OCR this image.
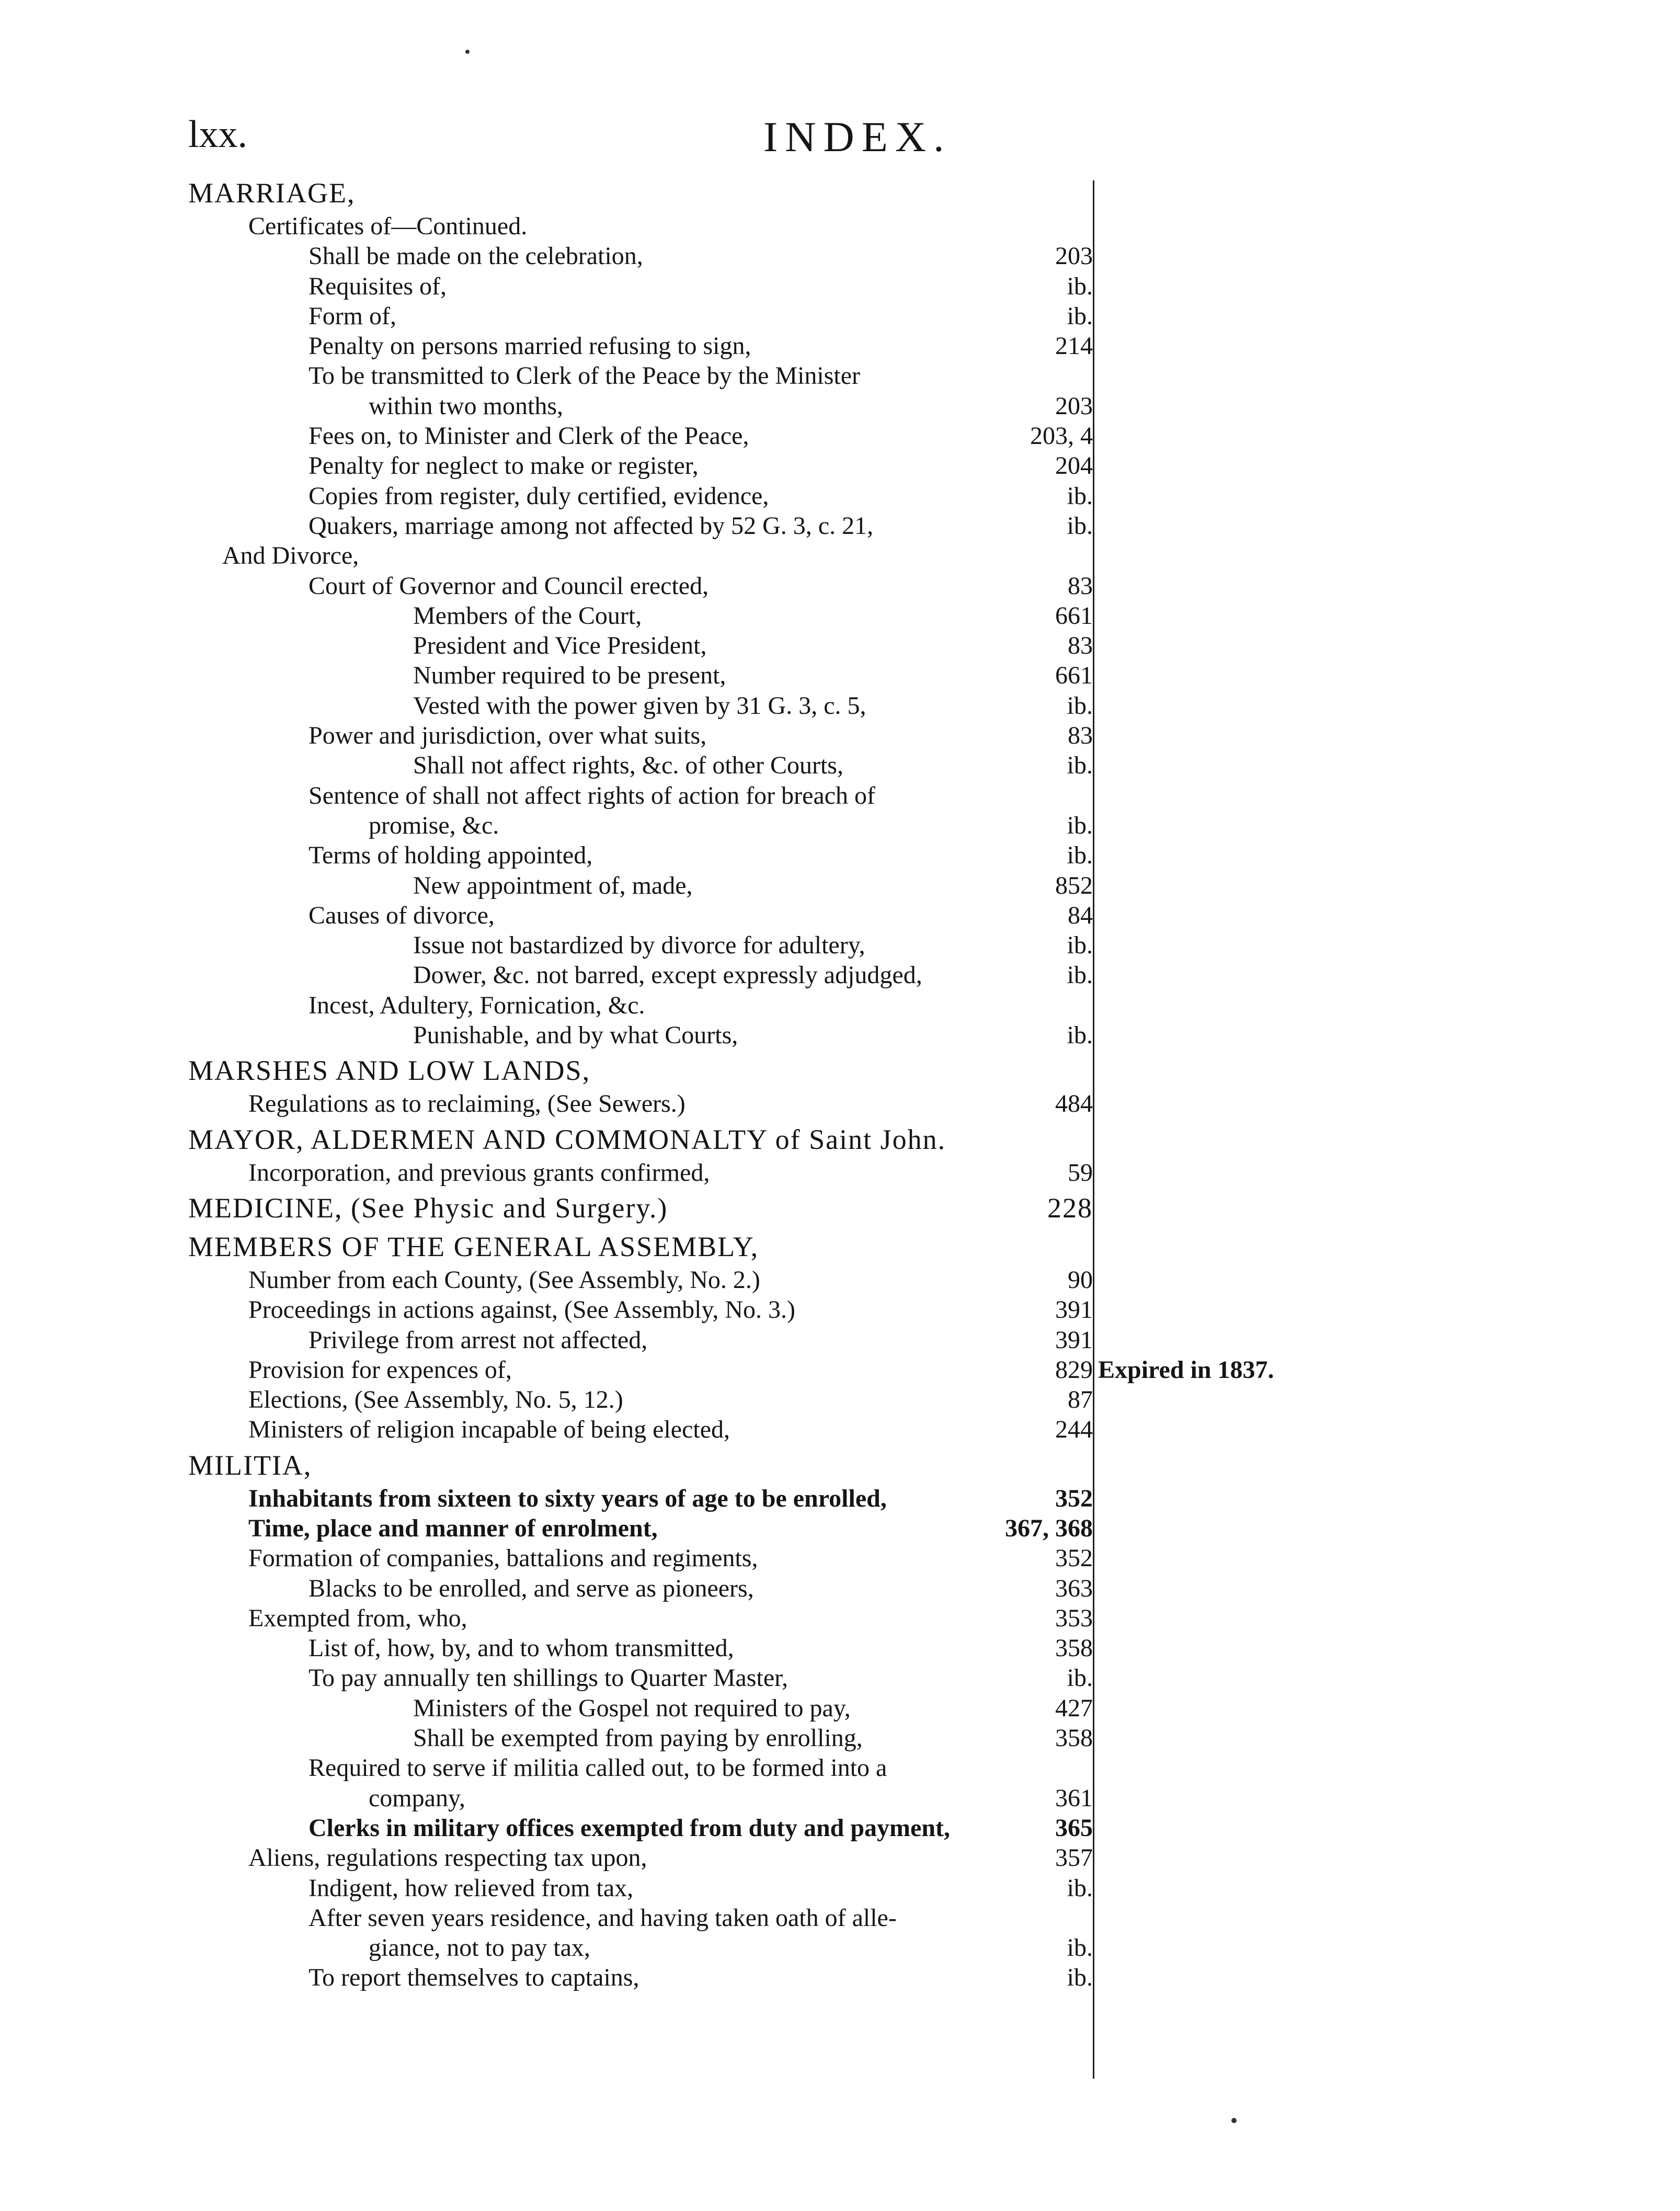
lxx.	INDEX.
MARRIAGE,
Certificates of—Continued.
Shall be made on the celebration,	203
Requisites of,	ib.
Form of,	ib.
Penalty on persons married refusing to sign,	214
To be transmitted to Clerk of the Peace by the Minister
within two months,	203
Fees on, to Minister and Clerk of the Peace,	203, 4
Penalty for neglect to make or register,	204
Copies from register, duly certified, evidence,	ib.
Quakers, marriage among not affected by 52 G. 3, c. 21,	ib.
And Divorce,
Court of Governor and Council erected,	83
Members of the Court,	661
President and Vice President,	83
Number required to be present,	661
Vested with the power given by 31 G. 3, c. 5,	ib.
Power and jurisdiction, over what suits,	83
Shall not affect rights, &c. of other Courts,	ib.
Sentence of shall not affect rights of action for breach of
promise, &c.	ib.
Terms of holding appointed,	ib.
New appointment of, made,	852
Causes of divorce,	84
Issue not bastardized by divorce for adultery,	ib.
Dower, &c. not barred, except expressly adjudged,	ib.
Incest, Adultery, Fornication, &c.
Punishable, and by what Courts,	ib.
MARSHES AND LOW LANDS,
Regulations as to reclaiming, (See Sewers.)	484
MAYOR, ALDERMEN AND COMMONALTY of Saint John.
Incorporation, and previous grants confirmed,	59
MEDICINE, (See Physic and Surgery.)	228
MEMBERS OF THE GENERAL ASSEMBLY,
Number from each County, (See Assembly, No. 2.)	90
Proceedings in actions against, (See Assembly, No. 3.)	391
Privilege from arrest not affected,	391
Provision for expences of,	829 Expired in 1837.
Elections, (See Assembly, No. 5, 12.)	87
Ministers of religion incapable of being elected,	244
MILITIA,
Inhabitants from sixteen to sixty years of age to be enrolled,	352
Time, place and manner of enrolment,	367, 368
Formation of companies, battalions and regiments,	352
Blacks to be enrolled, and serve as pioneers,	363
Exempted from, who,	353
List of, how, by, and to whom transmitted,	358
To pay annually ten shillings to Quarter Master,	ib.
Ministers of the Gospel not required to pay,	427
Shall be exempted from paying by enrolling,	358
Required to serve if militia called out, to be formed into a
company,	361
Clerks in military offices exempted from duty and payment,	365
Aliens, regulations respecting tax upon,	357
Indigent, how relieved from tax,	ib.
After seven years residence, and having taken oath of alle-
giance, not to pay tax,	ib.
To report themselves to captains,	ib.
